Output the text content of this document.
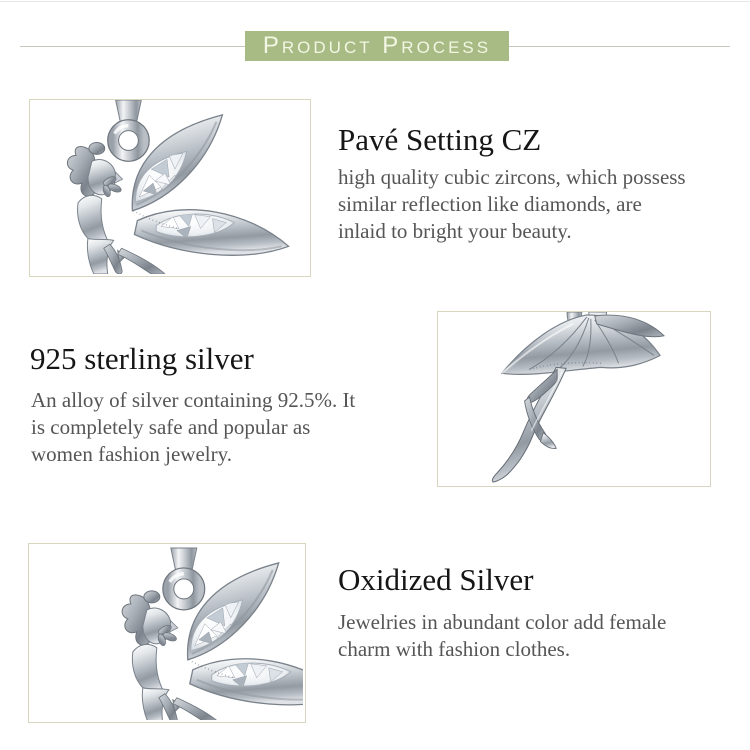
Product Process
Pavé Setting CZ
high quality cubic zircons, which possess
similar reflection like diamonds, are
inlaid to bright your beauty.
925 sterling silver
An alloy of silver containing 92.5%. It
is completely safe and popular as
women fashion jewelry.
Oxidized Silver
Jewelries in abundant color add female
charm with fashion clothes.
